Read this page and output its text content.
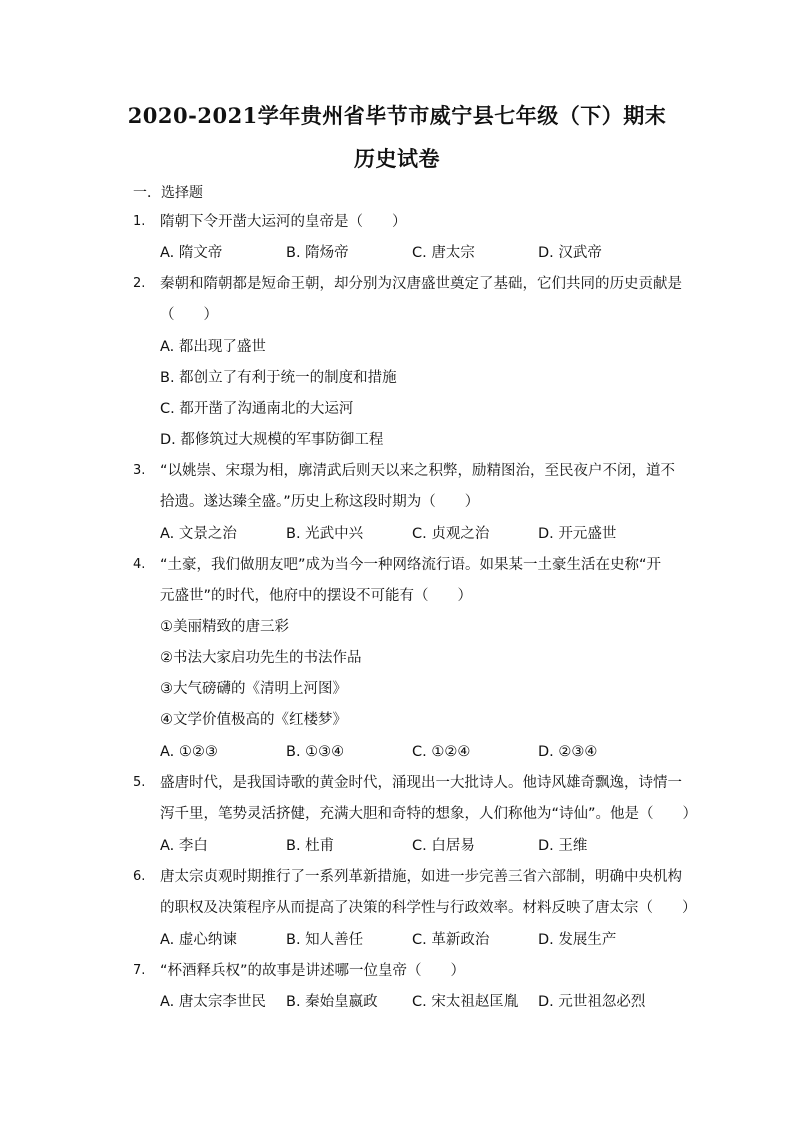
2020-2021学年贵州省毕节市威宁县七年级（下）期末
历史试卷
一．选择题
1. 隋朝下令开凿大运河的皇帝是（　　）
A. 隋文帝	B. 隋炀帝	C. 唐太宗	D. 汉武帝
2. 秦朝和隋朝都是短命王朝，却分别为汉唐盛世奠定了基础，它们共同的历史贡献是
（　　）
A. 都出现了盛世
B. 都创立了有利于统一的制度和措施
C. 都开凿了沟通南北的大运河
D. 都修筑过大规模的军事防御工程
3. “以姚崇、宋璟为相，廓清武后则天以来之积弊，励精图治，至民夜户不闭，道不
拾遗。遂达臻全盛。”历史上称这段时期为（　　）
A. 文景之治	B. 光武中兴	C. 贞观之治	D. 开元盛世
4. “土豪，我们做朋友吧”成为当今一种网络流行语。如果某一土豪生活在史称“开
元盛世”的时代，他府中的摆设不可能有（　　）
①美丽精致的唐三彩
②书法大家启功先生的书法作品
③大气磅礴的《清明上河图》
④文学价值极高的《红楼梦》
A. ①②③	B. ①③④	C. ①②④	D. ②③④
5. 盛唐时代，是我国诗歌的黄金时代，涌现出一大批诗人。他诗风雄奇飘逸，诗情一
泻千里，笔势灵活挤健，充满大胆和奇特的想象，人们称他为“诗仙”。他是（　　）
A. 李白	B. 杜甫	C. 白居易	D. 王维
6. 唐太宗贞观时期推行了一系列革新措施，如进一步完善三省六部制，明确中央机构
的职权及决策程序从而提高了决策的科学性与行政效率。材料反映了唐太宗（　　）
A. 虚心纳谏	B. 知人善任	C. 革新政治	D. 发展生产
7. “杯酒释兵权”的故事是讲述哪一位皇帝（　　）
A. 唐太宗李世民 B. 秦始皇嬴政 C. 宋太祖赵匡胤 D. 元世祖忽必烈
